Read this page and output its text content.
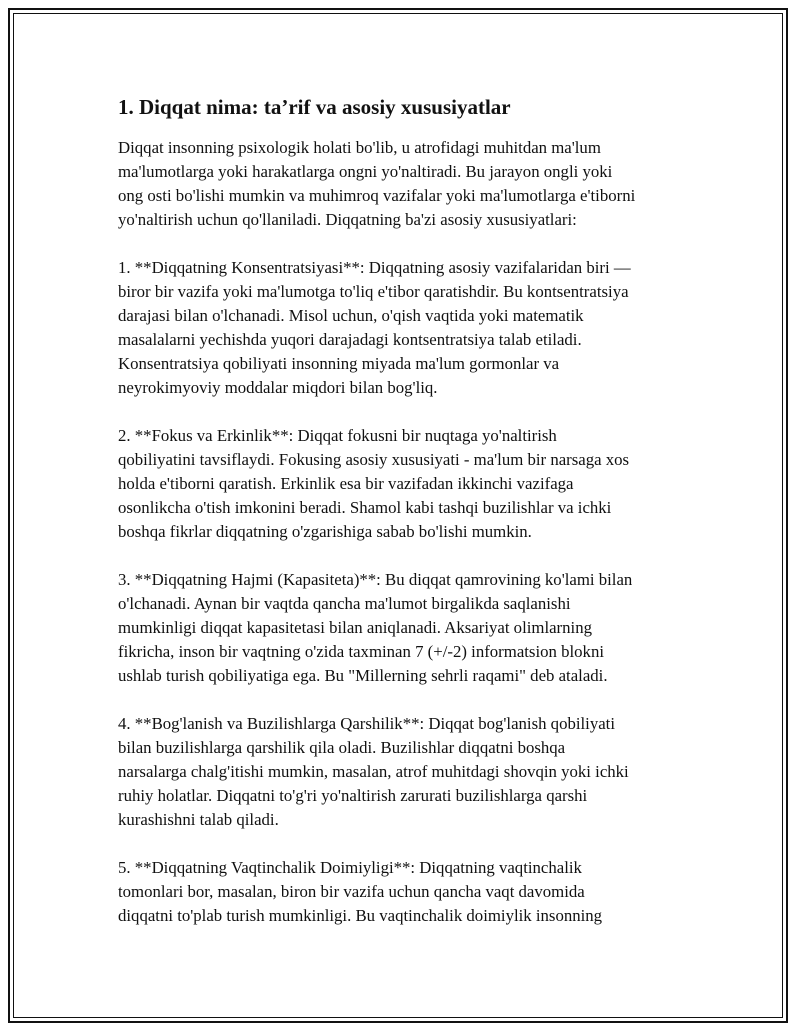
1. Diqqat nima: ta’rif va asosiy xususiyatlar

Diqqat insonning psixologik holati bo'lib, u atrofidagi muhitdan ma'lum
ma'lumotlarga yoki harakatlarga ongni yo'naltiradi. Bu jarayon ongli yoki
ong osti bo'lishi mumkin va muhimroq vazifalar yoki ma'lumotlarga e'tiborni
yo'naltirish uchun qo'llaniladi. Diqqatning ba'zi asosiy xususiyatlari:

1. **Diqqatning Konsentratsiyasi**: Diqqatning asosiy vazifalaridan biri —
biror bir vazifa yoki ma'lumotga to'liq e'tibor qaratishdir. Bu kontsentratsiya
darajasi bilan o'lchanadi. Misol uchun, o'qish vaqtida yoki matematik
masalalarni yechishda yuqori darajadagi kontsentratsiya talab etiladi.
Konsentratsiya qobiliyati insonning miyada ma'lum gormonlar va
neyrokimyoviy moddalar miqdori bilan bog'liq.

2. **Fokus va Erkinlik**: Diqqat fokusni bir nuqtaga yo'naltirish
qobiliyatini tavsiflaydi. Fokusing asosiy xususiyati - ma'lum bir narsaga xos
holda e'tiborni qaratish. Erkinlik esa bir vazifadan ikkinchi vazifaga
osonlikcha o'tish imkonini beradi. Shamol kabi tashqi buzilishlar va ichki
boshqa fikrlar diqqatning o'zgarishiga sabab bo'lishi mumkin.

3. **Diqqatning Hajmi (Kapasiteta)**: Bu diqqat qamrovining ko'lami bilan
o'lchanadi. Aynan bir vaqtda qancha ma'lumot birgalikda saqlanishi
mumkinligi diqqat kapasitetasi bilan aniqlanadi. Aksariyat olimlarning
fikricha, inson bir vaqtning o'zida taxminan 7 (+/-2) informatsion blokni
ushlab turish qobiliyatiga ega. Bu "Millerning sehrli raqami" deb ataladi.

4. **Bog'lanish va Buzilishlarga Qarshilik**: Diqqat bog'lanish qobiliyati
bilan buzilishlarga qarshilik qila oladi. Buzilishlar diqqatni boshqa
narsalarga chalg'itishi mumkin, masalan, atrof muhitdagi shovqin yoki ichki
ruhiy holatlar. Diqqatni to'g'ri yo'naltirish zarurati buzilishlarga qarshi
kurashishni talab qiladi.

5. **Diqqatning Vaqtinchalik Doimiyligi**: Diqqatning vaqtinchalik
tomonlari bor, masalan, biron bir vazifa uchun qancha vaqt davomida
diqqatni to'plab turish mumkinligi. Bu vaqtinchalik doimiylik insonning
